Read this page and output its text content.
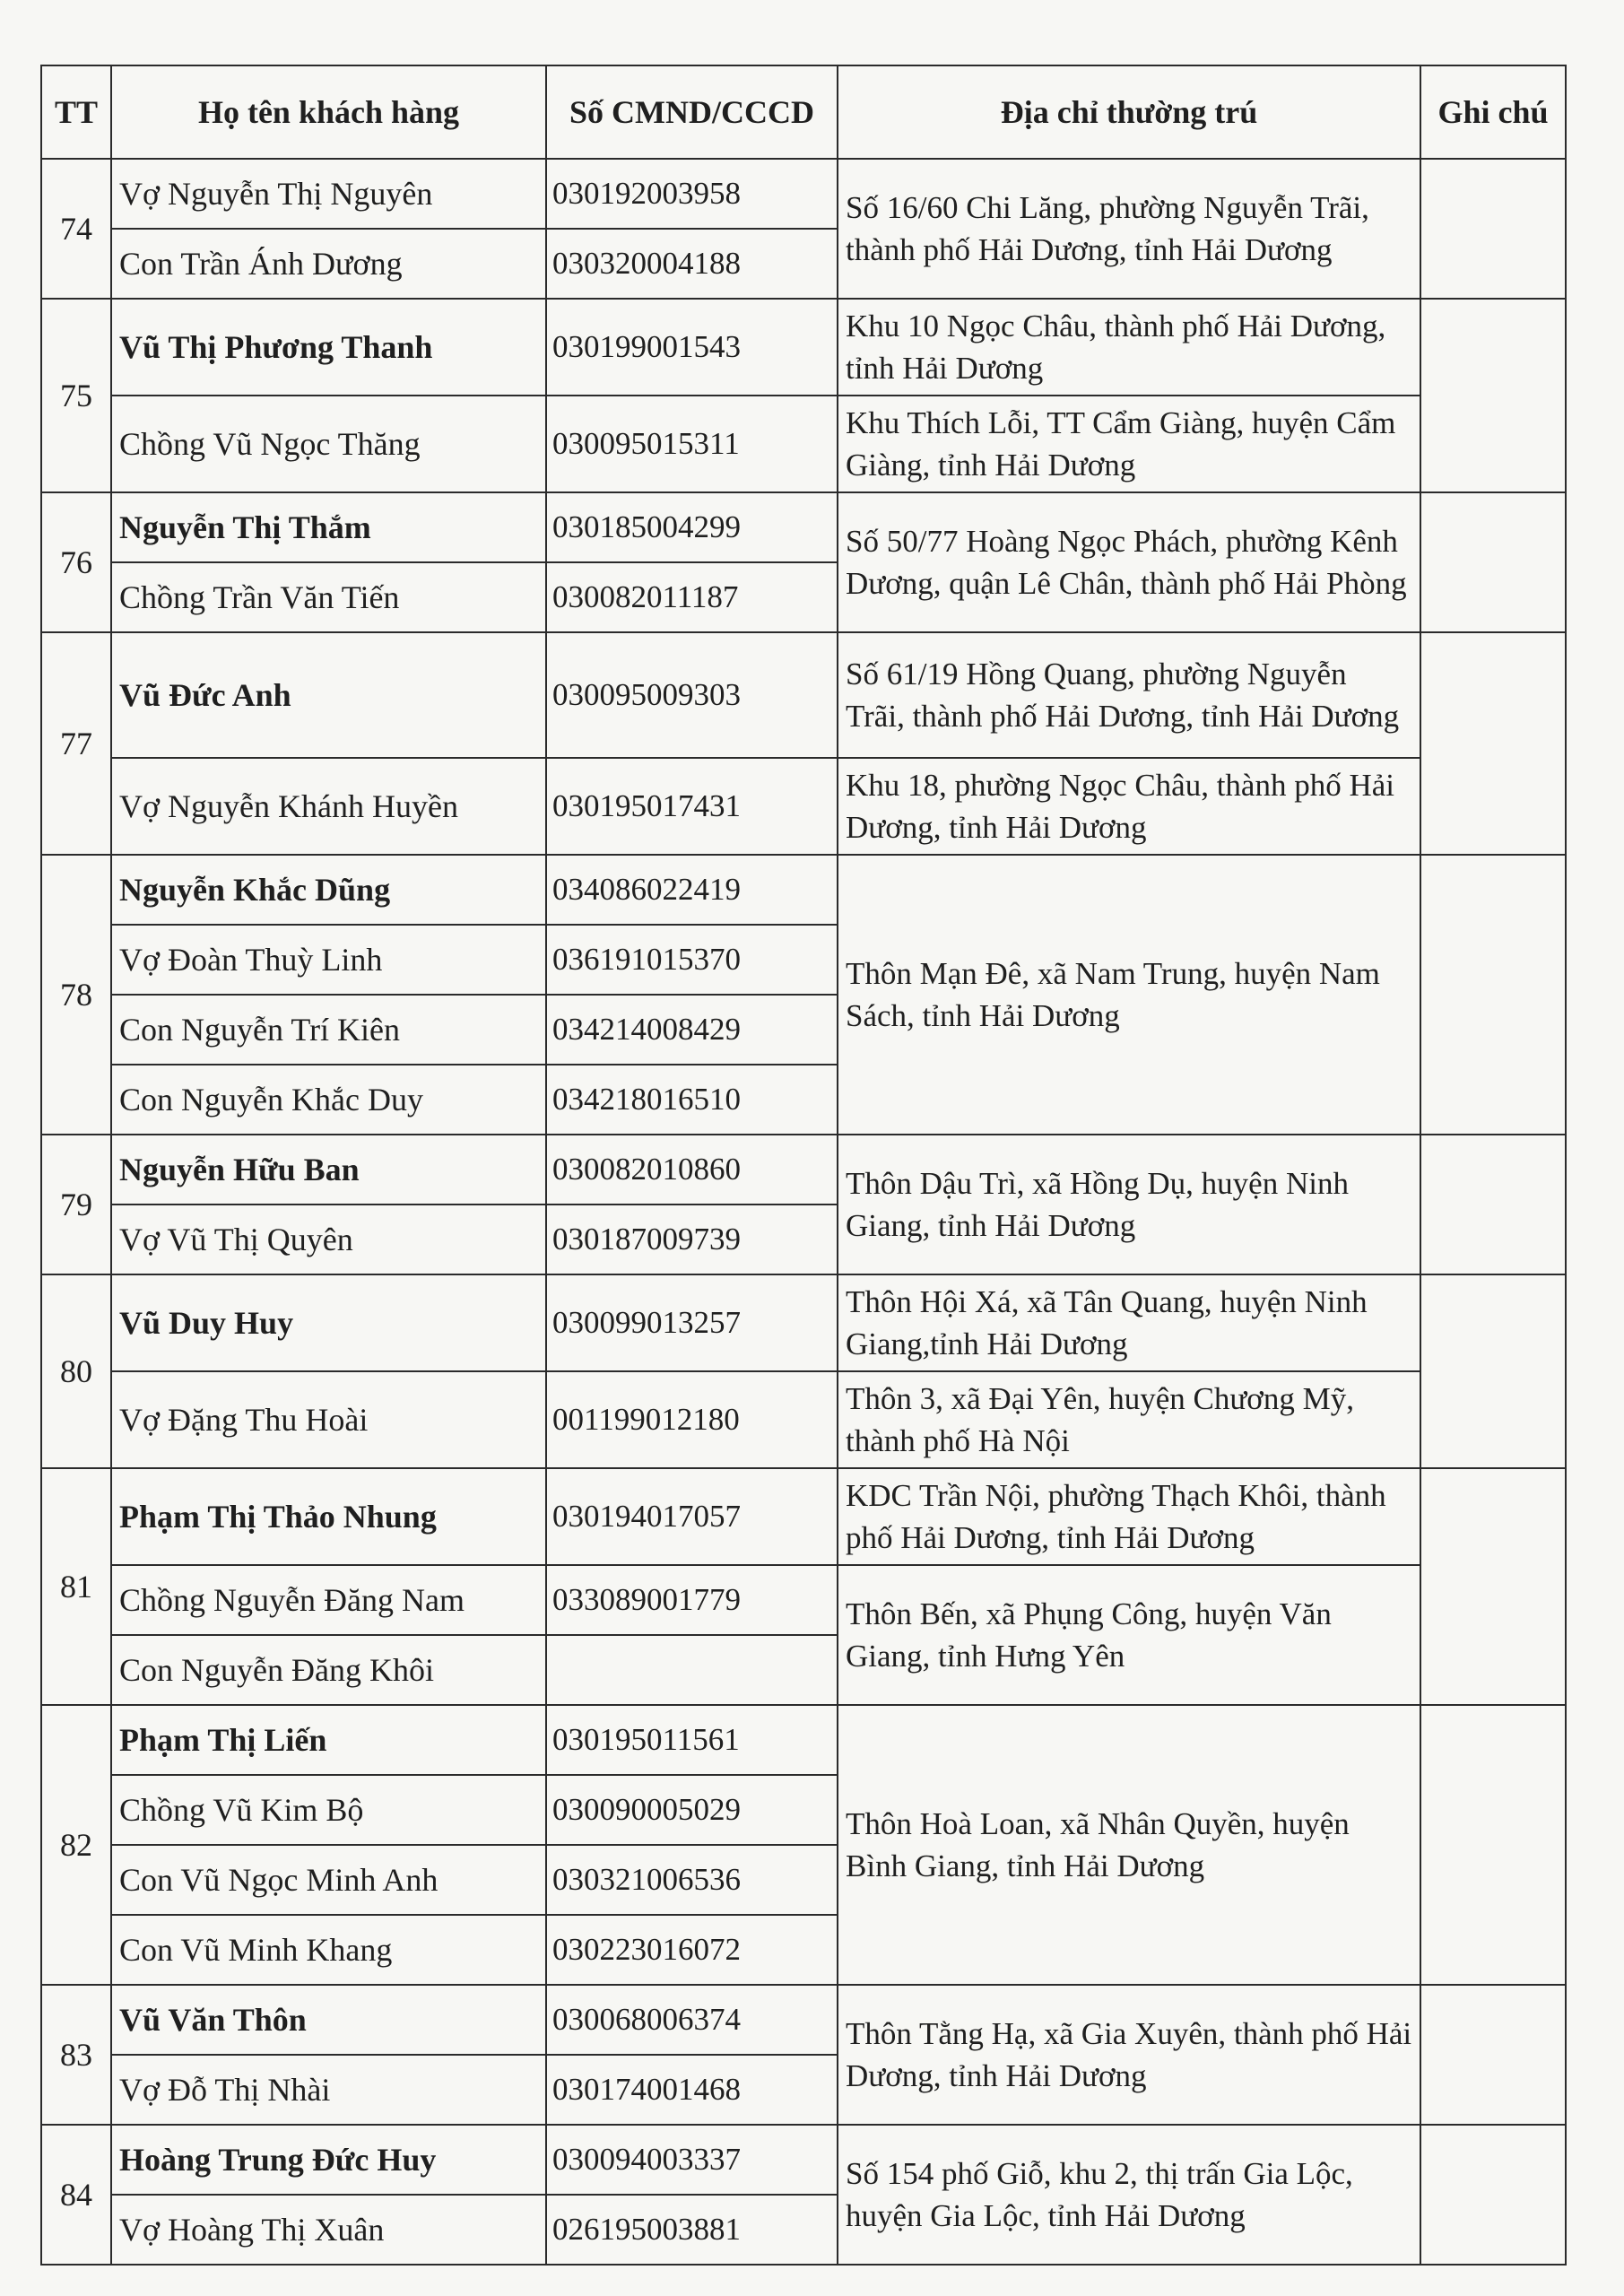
TT	Họ tên khách hàng	Số CMND/CCCD	Địa chỉ thường trú	Ghi chú
74	Vợ Nguyễn Thị Nguyên	030192003958	Số 16/60 Chi Lăng, phường Nguyễn Trãi, thành phố Hải Dương, tỉnh Hải Dương	
	Con Trần Ánh Dương	030320004188		
75	Vũ Thị Phương Thanh	030199001543	Khu 10 Ngọc Châu, thành phố Hải Dương, tỉnh Hải Dương	
	Chồng Vũ Ngọc Thăng	030095015311	Khu Thích Lỗi, TT Cẩm Giàng, huyện Cẩm Giàng, tỉnh Hải Dương	
76	Nguyễn Thị Thắm	030185004299	Số 50/77 Hoàng Ngọc Phách, phường Kênh Dương, quận Lê Chân, thành phố Hải Phòng	
	Chồng Trần Văn Tiến	030082011187		
77	Vũ Đức Anh	030095009303	Số 61/19 Hồng Quang, phường Nguyễn Trãi, thành phố Hải Dương, tỉnh Hải Dương	
	Vợ Nguyễn Khánh Huyền	030195017431	Khu 18, phường Ngọc Châu, thành phố Hải Dương, tỉnh Hải Dương	
78	Nguyễn Khắc Dũng	034086022419	Thôn Mạn Đê, xã Nam Trung, huyện Nam Sách, tỉnh Hải Dương	
	Vợ Đoàn Thuỳ Linh	036191015370		
	Con Nguyễn Trí Kiên	034214008429		
	Con Nguyễn Khắc Duy	034218016510		
79	Nguyễn Hữu Ban	030082010860	Thôn Dậu Trì, xã Hồng Dụ, huyện Ninh Giang, tỉnh Hải Dương	
	Vợ Vũ Thị Quyên	030187009739		
80	Vũ Duy Huy	030099013257	Thôn Hội Xá, xã Tân Quang, huyện Ninh Giang,tỉnh Hải Dương	
	Vợ Đặng Thu Hoài	001199012180	Thôn 3, xã Đại Yên, huyện Chương Mỹ, thành phố Hà Nội	
81	Phạm Thị Thảo Nhung	030194017057	KDC Trần Nội, phường Thạch Khôi, thành phố Hải Dương, tỉnh Hải Dương	
	Chồng Nguyễn Đăng Nam	033089001779	Thôn Bến, xã Phụng Công, huyện Văn Giang, tỉnh Hưng Yên	
	Con Nguyễn Đăng Khôi			
82	Phạm Thị Liến	030195011561	Thôn Hoà Loan, xã Nhân Quyền, huyện Bình Giang, tỉnh Hải Dương	
	Chồng Vũ Kim Bộ	030090005029		
	Con Vũ Ngọc Minh Anh	030321006536		
	Con Vũ Minh Khang	030223016072		
83	Vũ Văn Thôn	030068006374	Thôn Tằng Hạ, xã Gia Xuyên, thành phố Hải Dương, tỉnh Hải Dương	
	Vợ Đỗ Thị Nhài	030174001468		
84	Hoàng Trung Đức Huy	030094003337	Số 154 phố Giỗ, khu 2, thị trấn Gia Lộc, huyện Gia Lộc, tỉnh Hải Dương	
	Vợ Hoàng Thị Xuân	026195003881		
